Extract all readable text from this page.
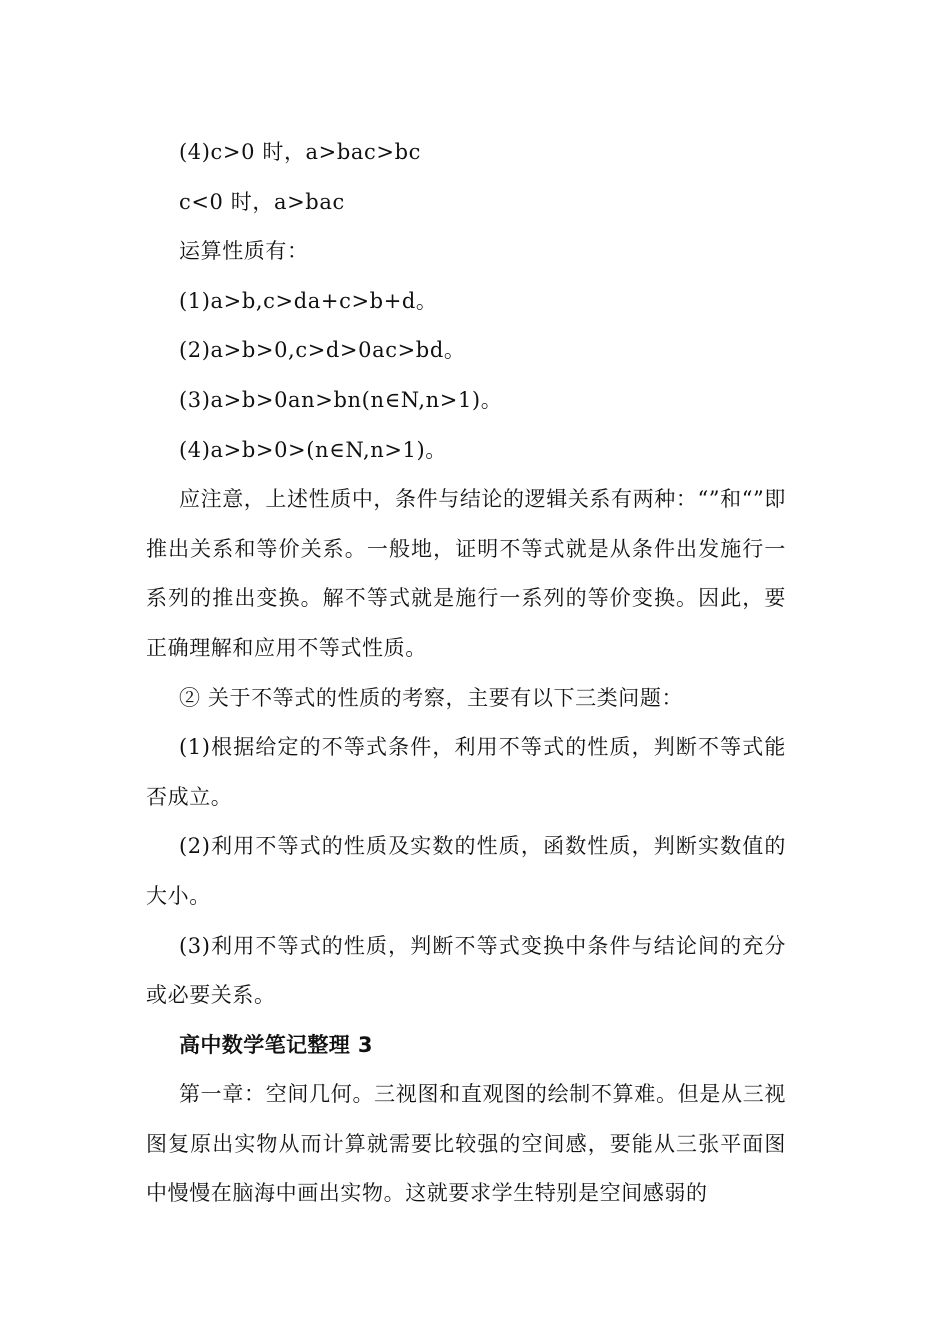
(4)c>0 时，a>bac>bc

c<0 时，a>bac

运算性质有：

(1)a>b,c>da+c>b+d。

(2)a>b>0,c>d>0ac>bd。

(3)a>b>0an>bn(n∈N,n>1)。

(4)a>b>0>(n∈N,n>1)。

应注意，上述性质中，条件与结论的逻辑关系有两种：“”和“”即推出关系和等价关系。一般地，证明不等式就是从条件出发施行一系列的推出变换。解不等式就是施行一系列的等价变换。因此，要正确理解和应用不等式性质。

② 关于不等式的性质的考察，主要有以下三类问题：

(1)根据给定的不等式条件，利用不等式的性质，判断不等式能否成立。

(2)利用不等式的性质及实数的性质，函数性质，判断实数值的大小。

(3)利用不等式的性质，判断不等式变换中条件与结论间的充分或必要关系。

高中数学笔记整理 3

第一章：空间几何。三视图和直观图的绘制不算难。但是从三视图复原出实物从而计算就需要比较强的空间感，要能从三张平面图中慢慢在脑海中画出实物。这就要求学生特别是空间感弱的
